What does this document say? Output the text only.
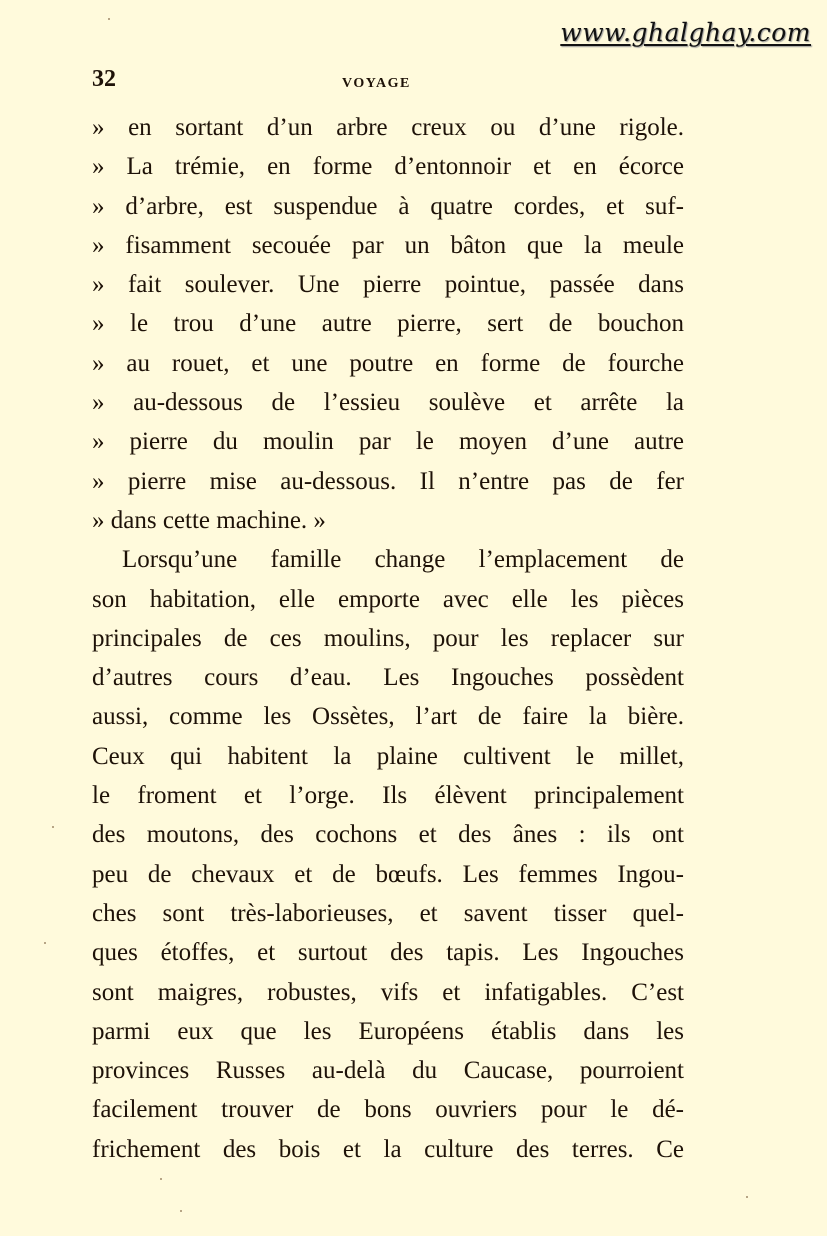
www.ghalghay.com
32	VOYAGE
» en sortant d’un arbre creux ou d’une rigole.
» La trémie, en forme d’entonnoir et en écorce
» d’arbre, est suspendue à quatre cordes, et suf-
» fisamment secouée par un bâton que la meule
» fait soulever. Une pierre pointue, passée dans
» le trou d’une autre pierre, sert de bouchon
» au rouet, et une poutre en forme de fourche
» au-dessous de l’essieu soulève et arrête la
» pierre du moulin par le moyen d’une autre
» pierre mise au-dessous. Il n’entre pas de fer
» dans cette machine. »
Lorsqu’une famille change l’emplacement de
son habitation, elle emporte avec elle les pièces
principales de ces moulins, pour les replacer sur
d’autres cours d’eau. Les Ingouches possèdent
aussi, comme les Ossètes, l’art de faire la bière.
Ceux qui habitent la plaine cultivent le millet,
le froment et l’orge. Ils élèvent principalement
des moutons, des cochons et des ânes : ils ont
peu de chevaux et de bœufs. Les femmes Ingou-
ches sont très-laborieuses, et savent tisser quel-
ques étoffes, et surtout des tapis. Les Ingouches
sont maigres, robustes, vifs et infatigables. C’est
parmi eux que les Européens établis dans les
provinces Russes au-delà du Caucase, pourroient
facilement trouver de bons ouvriers pour le dé-
frichement des bois et la culture des terres. Ce
